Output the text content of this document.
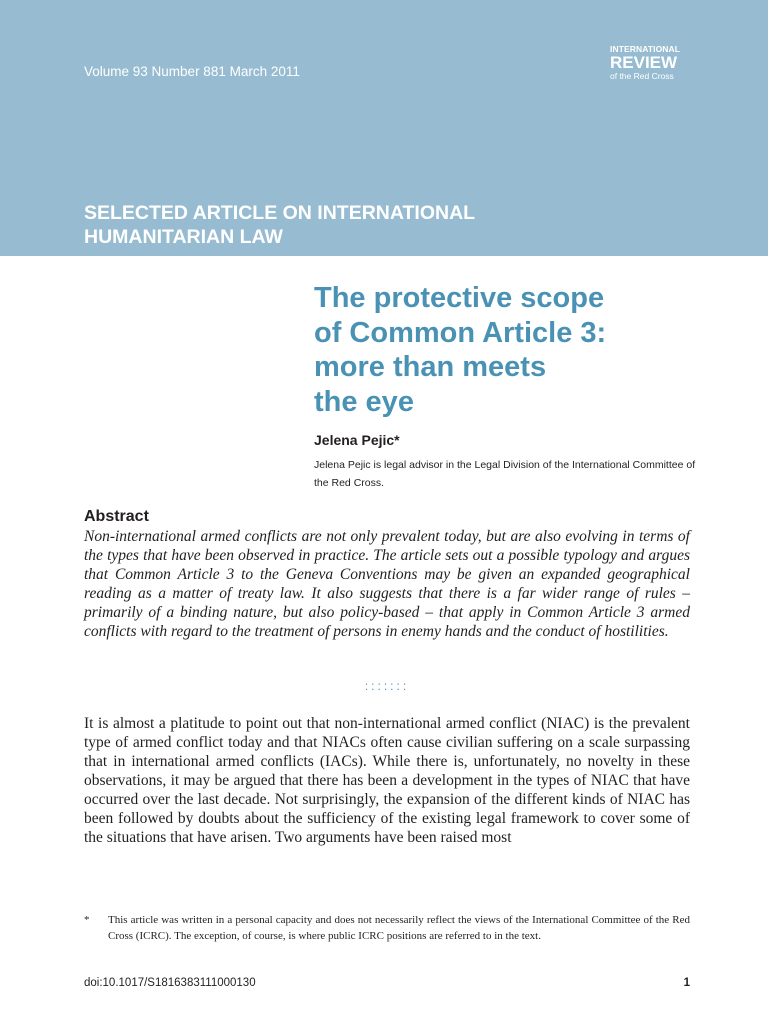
Volume 93 Number 881 March 2011
INTERNATIONAL
REVIEW
of the Red Cross
SELECTED ARTICLE ON INTERNATIONAL
HUMANITARIAN LAW
The protective scope
of Common Article 3:
more than meets
the eye
Jelena Pejic*
Jelena Pejic is legal advisor in the Legal Division of the International Committee of the Red Cross.
Abstract

Non-international armed conflicts are not only prevalent today, but are also evolving in terms of the types that have been observed in practice. The article sets out a possible typology and argues that Common Article 3 to the Geneva Conventions may be given an expanded geographical reading as a matter of treaty law. It also suggests that there is a far wider range of rules – primarily of a binding nature, but also policy-based – that apply in Common Article 3 armed conflicts with regard to the treatment of persons in enemy hands and the conduct of hostilities.

:::::::

It is almost a platitude to point out that non-international armed conflict (NIAC) is the prevalent type of armed conflict today and that NIACs often cause civilian suffering on a scale surpassing that in international armed conflicts (IACs). While there is, unfortunately, no novelty in these observations, it may be argued that there has been a development in the types of NIAC that have occurred over the last decade. Not surprisingly, the expansion of the different kinds of NIAC has been followed by doubts about the sufficiency of the existing legal framework to cover some of the situations that have arisen. Two arguments have been raised most

*	This article was written in a personal capacity and does not necessarily reflect the views of the International Committee of the Red Cross (ICRC). The exception, of course, is where public ICRC positions are referred to in the text.
doi:10.1017/S1816383111000130	1
